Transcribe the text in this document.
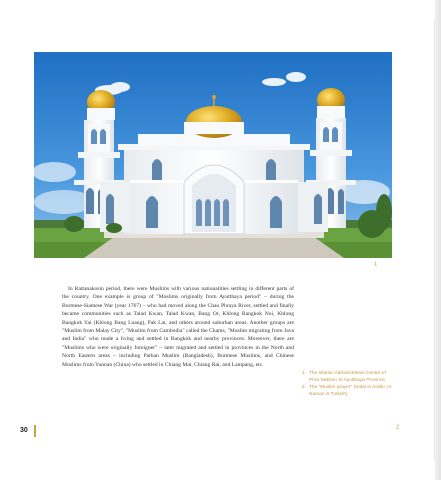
1

In Rattanakosin period, there were Muslims with various nationalities settling in different parts of the country. One example is group of "Muslims originally from Ayutthaya period" – during the Burmese-Siamese War (year 1767) – who had moved along the Chao Phraya River, settled and finally became communities such as Talad Kwan, Talad Kwan, Bang Or, Khlong Bangkok Noi, Khlong Bangkok Yai (Khlong Bang Luang), Pak Lat, and others around suburban areas. Another groups are "Muslim from Malay City", "Muslim from Cambodia" called the Chams, "Muslim migrating from Java and India" who made a living and settled in Bangkok and nearby provinces. Moreover, there are "Muslims who were originally foreigner" – later migrated and settled in provinces in the North and North Eastern areas – including Pathan Muslim (Bangladesh), Burmese Muslims, and Chinese Muslims from Yunnan (China) who settled in Chiang Mai, Chiang Rai, and Lampang, etc.

1. The Islamic Administrative Center of Phra Nakhon Si Ayutthaya Province
2. The "Muslim prayer" (Salat in Arabic or Namaz in Turkish)
2
30
